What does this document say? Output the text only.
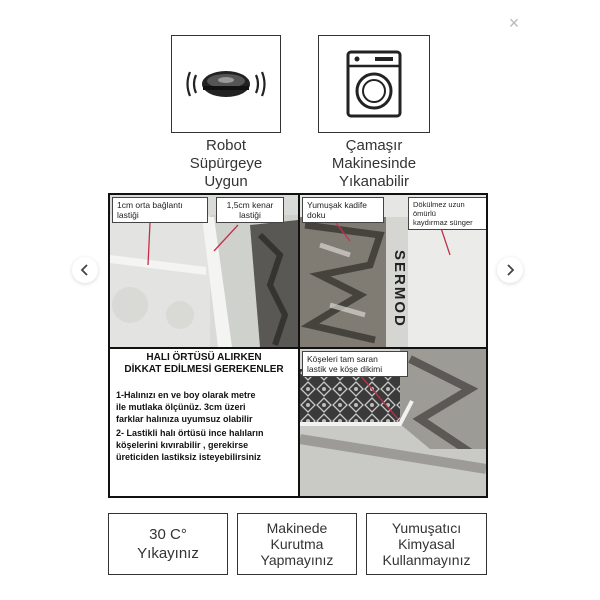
×
Robot
Süpürgeye
Uygun
Çamaşır
Makinesinde
Yıkanabilir
1cm orta bağlantı
lastiği
1,5cm kenar
lastiği
SERMOD
Yumuşak kadife
doku
Dökülmez uzun ömürlü
kaydırmaz sünger
HALI ÖRTÜSÜ ALIRKEN
DİKKAT EDİLMESİ GEREKENLER
1-Halınızı en ve boy olarak metre
ile mutlaka ölçünüz. 3cm üzeri
farklar halınıza uyumsuz olabilir
2- Lastikli halı örtüsü ince halıların
köşelerini kıvırabilir , gerekirse
üreticiden lastiksiz isteyebilirsiniz
Köşeleri tam saran
lastik ve köşe dikimi
30 C°
Yıkayınız
Makinede
Kurutma
Yapmayınız
Yumuşatıcı
Kimyasal
Kullanmayınız
